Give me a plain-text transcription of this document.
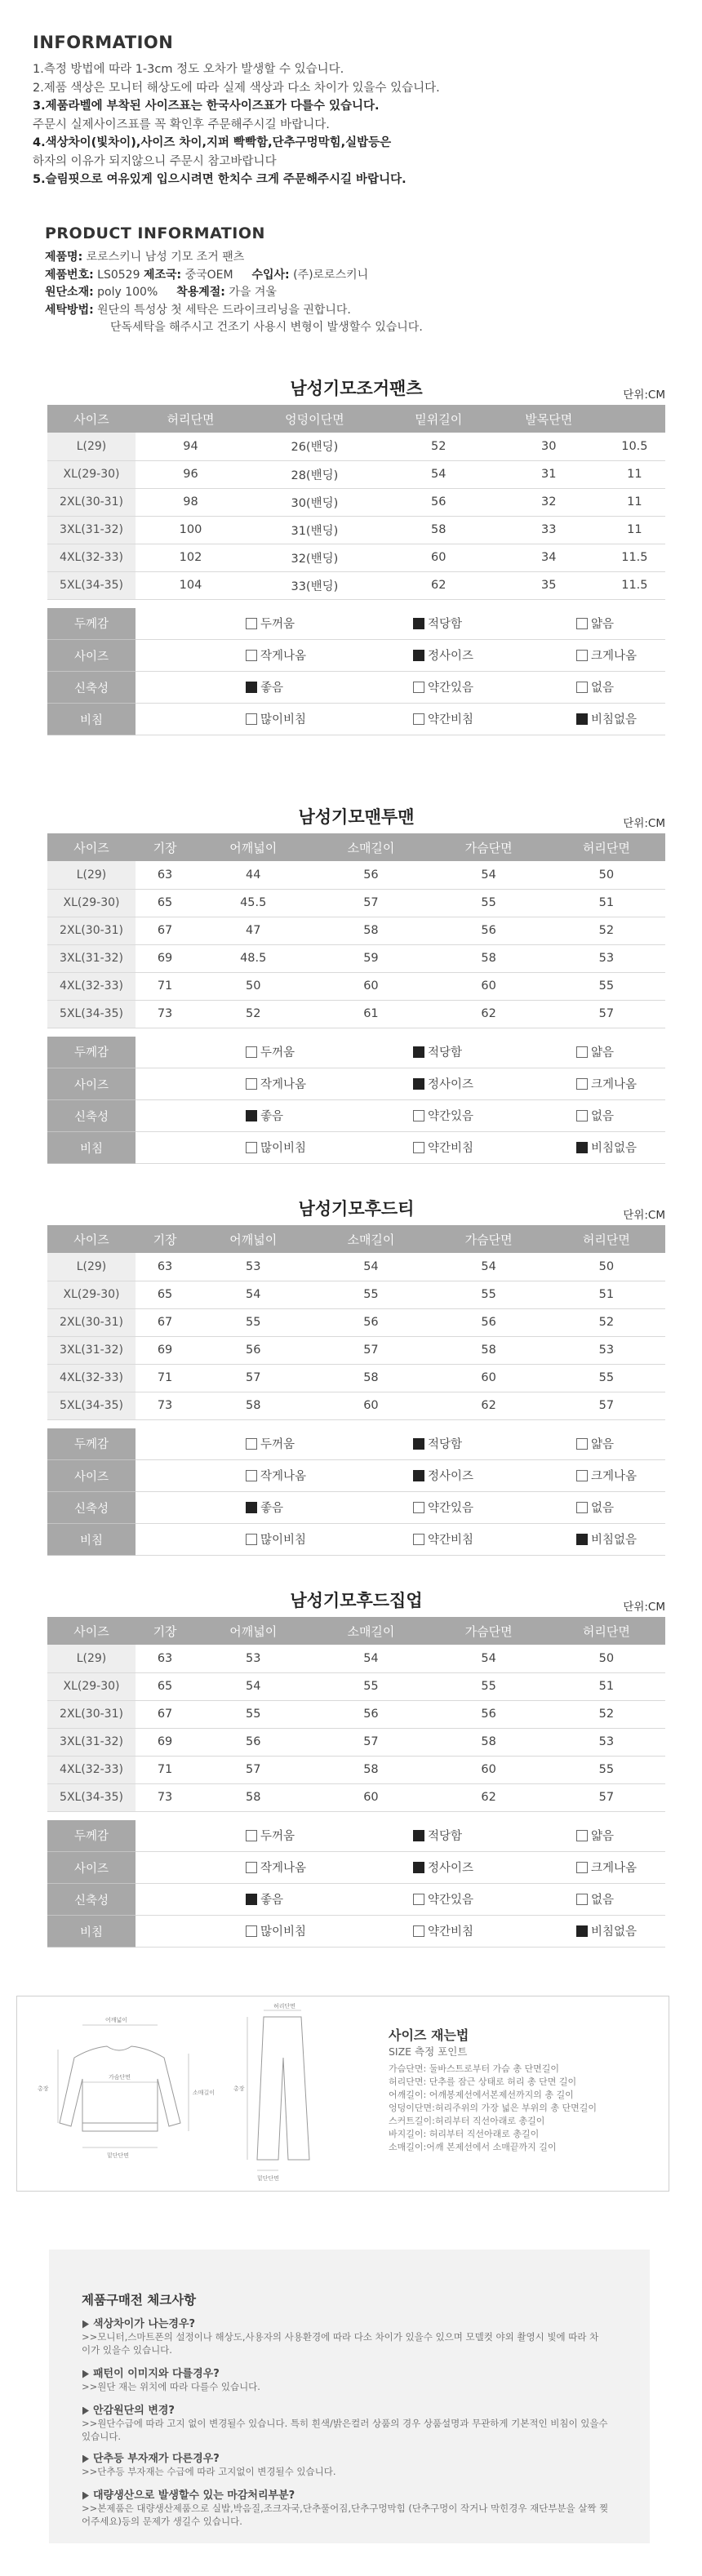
INFORMATION
1.측정 방법에 따라 1-3cm 정도 오차가 발생할 수 있습니다.
2.제품 색상은 모니터 해상도에 따라 실제 색상과 다소 차이가 있을수 있습니다.
3.제품라벨에 부착된 사이즈표는 한국사이즈표가 다를수 있습니다.
주문시 실제사이즈표를 꼭 확인후 주문해주시길 바랍니다.
4.색상차이(빛차이),사이즈 차이,지퍼 빡빡함,단추구멍막힘,실밥등은
하자의 이유가 되지않으니 주문시 참고바랍니다
5.슬림핏으로 여유있게 입으시려면 한치수 크게 주문해주시길 바랍니다.
PRODUCT INFORMATION
제품명: 로로스키니 남성 기모 조거 팬츠
제품번호: LS0529 제조국: 중국OEM 수입사: (주)로로스키니
원단소재: poly 100% 착용계절: 가을 겨울
세탁방법: 원단의 특성상 첫 세탁은 드라이크리닝을 권합니다.
단독세탁을 해주시고 건조기 사용시 변형이 발생할수 있습니다.
남성기모조거팬츠	단위:CM
사이즈	허리단면	엉덩이단면	밑위길이	발목단면	
L(29)	94	26(밴딩)	52	30	10.5
XL(29-30)	96	28(밴딩)	54	31	11
2XL(30-31)	98	30(밴딩)	56	32	11
3XL(31-32)	100	31(밴딩)	58	33	11
4XL(32-33)	102	32(밴딩)	60	34	11.5
5XL(34-35)	104	33(밴딩)	62	35	11.5
두께감	두꺼움	적당함	얇음

사이즈	작게나옴	정사이즈	크게나옴

신축성	좋음	약간있음	없음

비침	많이비침	약간비침	비침없음
남성기모맨투맨	단위:CM
사이즈	기장	어깨넓이	소매길이	가슴단면	허리단면
L(29)	63	44	56	54	50
XL(29-30)	65	45.5	57	55	51
2XL(30-31)	67	47	58	56	52
3XL(31-32)	69	48.5	59	58	53
4XL(32-33)	71	50	60	60	55
5XL(34-35)	73	52	61	62	57
두께감	두꺼움	적당함	얇음

사이즈	작게나옴	정사이즈	크게나옴

신축성	좋음	약간있음	없음

비침	많이비침	약간비침	비침없음
남성기모후드티	단위:CM
사이즈	기장	어깨넓이	소매길이	가슴단면	허리단면
L(29)	63	53	54	54	50
XL(29-30)	65	54	55	55	51
2XL(30-31)	67	55	56	56	52
3XL(31-32)	69	56	57	58	53
4XL(32-33)	71	57	58	60	55
5XL(34-35)	73	58	60	62	57
두께감	두꺼움	적당함	얇음

사이즈	작게나옴	정사이즈	크게나옴

신축성	좋음	약간있음	없음

비침	많이비침	약간비침	비침없음
남성기모후드집업	단위:CM
사이즈	기장	어깨넓이	소매길이	가슴단면	허리단면
L(29)	63	53	54	54	50
XL(29-30)	65	54	55	55	51
2XL(30-31)	67	55	56	56	52
3XL(31-32)	69	56	57	58	53
4XL(32-33)	71	57	58	60	55
5XL(34-35)	73	58	60	62	57
두께감	두꺼움	적당함	얇음

사이즈	작게나옴	정사이즈	크게나옴

신축성	좋음	약간있음	없음

비침	많이비침	약간비침	비침없음
어깨넓이
가슴단면
소매길이
총장
밑단단면
허리단면
총장
밑단단면
사이즈 재는법
SIZE 측정 포인트
가슴단면: 둘바스트로부터 가슴 총 단면길이
허리단면: 단추를 잠근 상태로 허리 총 단면 길이
어깨길이: 어깨봉제선에서본제선까지의 총 길이
엉덩이단면:허리주위의 가장 넓은 부위의 총 단면길이
스커트길이:허리부터 직선아래로 총길이
바지길이: 허리부터 직선아래로 총길이
소매길이:어깨 본제선에서 소매끝까지 길이
제품구매전 체크사항
색상차이가 나는경우?
>>모니터,스마트폰의 설정이나 해상도,사용자의 사용환경에 따라 다소 차이가 있을수 있으며 모델컷 야외 촬영시 빛에 따라 차이가 있을수 있습니다.
패턴이 이미지와 다를경우?
>>원단 재는 위치에 따라 다를수 있습니다.
안감원단의 변경?
>>원단수급에 따라 고지 없이 변경될수 있습니다. 특히 흰색/밝은컬러 상품의 경우 상품설명과 무관하게 기본적인 비침이 있을수 있습니다.
단추등 부자재가 다른경우?
>>단추등 부자재는 수급에 따라 고지없이 변경될수 있습니다.
대량생산으로 발생할수 있는 마감처리부분?
>>본제품은 대량생산제품으로 실밥,박음질,조크자국,단추풀어짐,단추구멍막힘 (단추구멍이 작거나 막힌경우 재단부분을 살짝 찢어주세요)등의 문제가 생길수 있습니다.
